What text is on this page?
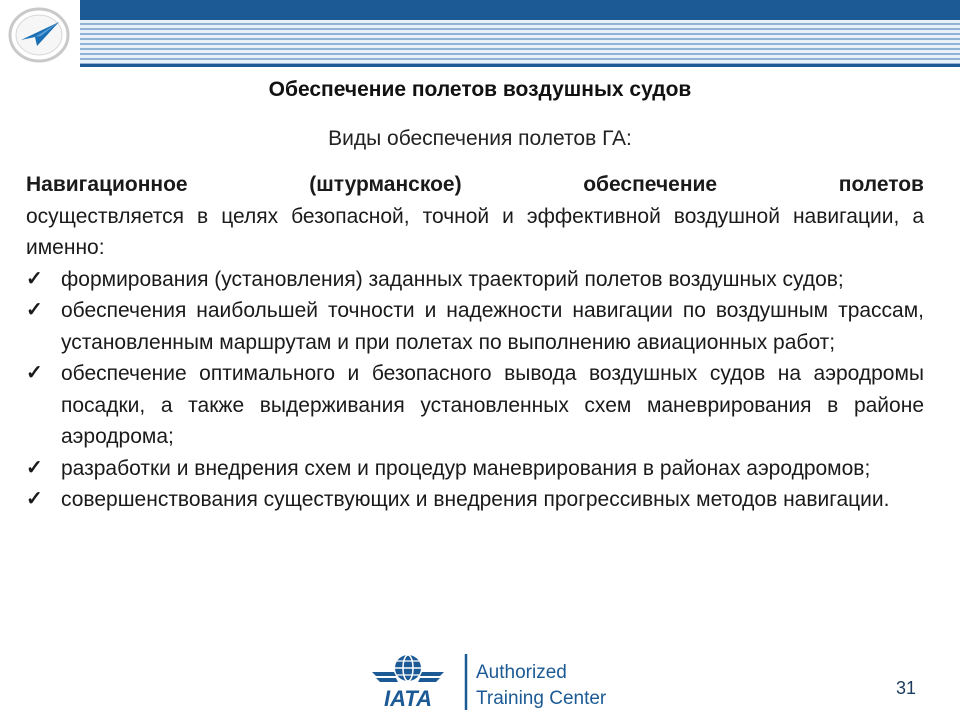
Обеспечение полетов воздушных судов
Виды обеспечения полетов ГА:

Навигационное	(штурманское)	обеспечение	полетов
осуществляется в целях безопасной, точной и эффективной воздушной навигации, а именно:

✓ формирования (установления) заданных траекторий полетов воздушных судов;
✓ обеспечения наибольшей точности и надежности навигации по воздушным трассам, установленным маршрутам и при полетах по выполнению авиационных работ;
✓ обеспечение оптимального и безопасного вывода воздушных судов на аэродромы посадки, а также выдерживания установленных схем маневрирования в районе аэродрома;
✓ разработки и внедрения схем и процедур маневрирования в районах аэродромов;
✓ совершенствования существующих и внедрения прогрессивных методов навигации.
IATA
Authorized
Training Center	31
